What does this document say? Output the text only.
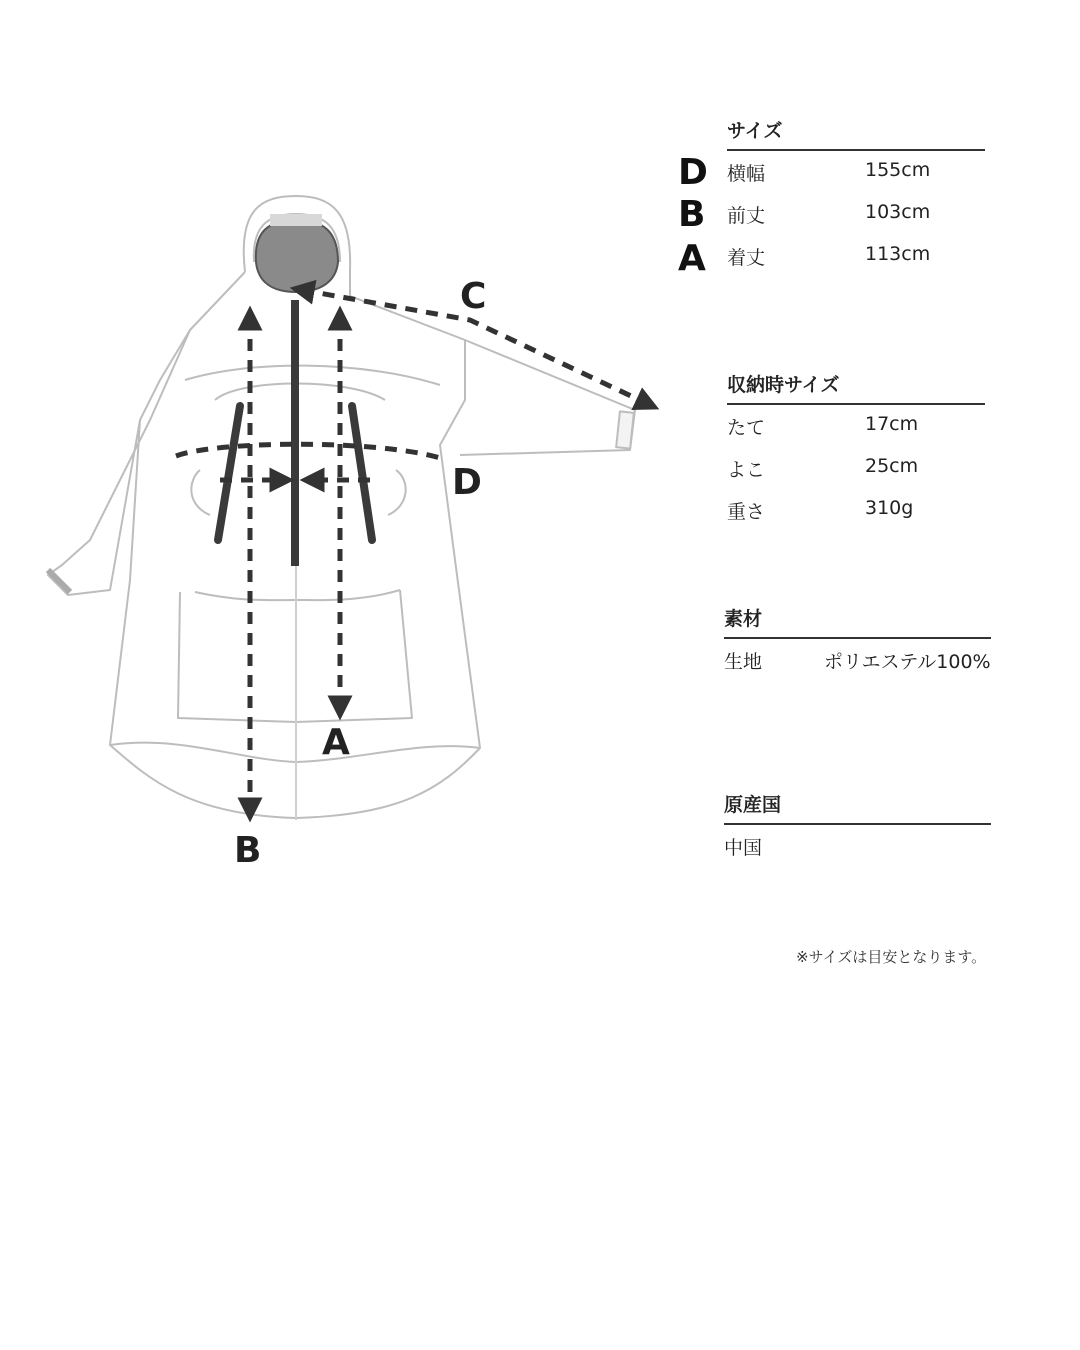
C
D
A
B
サイズ
横幅	155cm
前丈	103cm
着丈	113cm
D
B
A
収納時サイズ
たて	17cm
よこ	25cm
重さ	310g
素材
生地	ポリエステル100%
原産国
中国
※サイズは目安となります。
